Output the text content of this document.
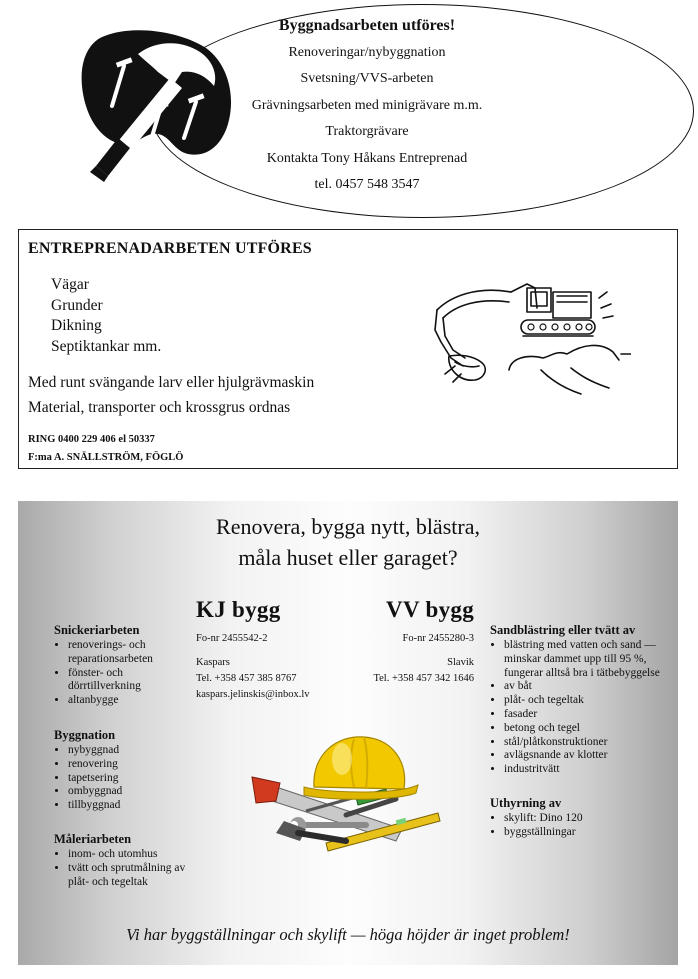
Byggnadsarbeten utföres!
Renoveringar/nybyggnation
Svetsning/VVS-arbeten
Grävningsarbeten med minigrävare m.m.
Traktorgrävare
Kontakta Tony Håkans Entreprenad
tel. 0457 548 3547
ENTREPRENADARBETEN UTFÖRES
Vägar
Grunder
Dikning
Septiktankar mm.
Med runt svängande larv eller hjulgrävmaskin
Material, transporter och krossgrus ordnas
RING 0400 229 406 el 50337
F:ma A. SNÄLLSTRÖM, FÖGLÖ
Renovera, bygga nytt, blästra,
måla huset eller garaget?
KJ bygg
Fo-nr 2455542-2
Kaspars
Tel. +358 457 385 8767
kaspars.jelinskis@inbox.lv
VV bygg
Fo-nr 2455280-3
Slavik
Tel. +358 457 342 1646
Snickeriarbeten
• renoverings- och reparationsarbeten
• fönster- och dörrtillverkning
• altanbygge
Byggnation
• nybyggnad
• renovering
• tapetsering
• ombyggnad
• tillbyggnad
Måleriarbeten
• inom- och utomhus
• tvätt och sprutmålning av plåt- och tegeltak
Sandblästring eller tvätt av
• blästring med vatten och sand — minskar dammet upp till 95 %, fungerar alltså bra i tätbebyggelse
• av båt
• plåt- och tegeltak
• fasader
• betong och tegel
• stål/plåtkonstruktioner
• avlägsnande av klotter
• industritvätt
Uthyrning av
• skylift: Dino 120
• byggställningar
Vi har byggställningar och skylift — höga höjder är inget problem!
